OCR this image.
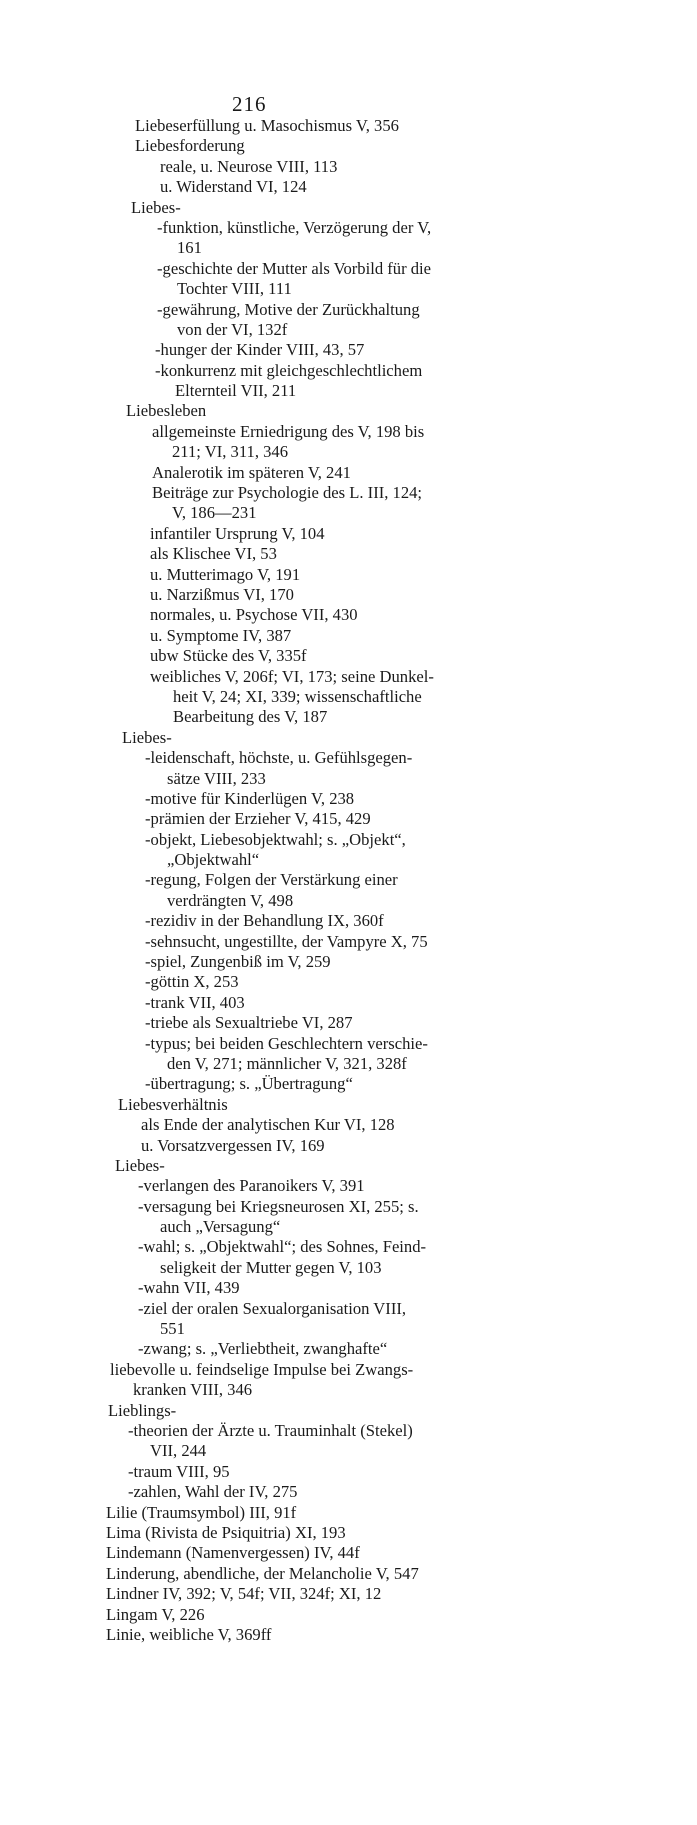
216
Liebeserfüllung u. Masochismus V, 356
Liebesforderung
reale, u. Neurose VIII, 113
u. Widerstand VI, 124
Liebes-
-funktion, künstliche, Verzögerung der V,
161
-geschichte der Mutter als Vorbild für die
Tochter VIII, 111
-gewährung, Motive der Zurückhaltung
von der VI, 132f
-hunger der Kinder VIII, 43, 57
-konkurrenz mit gleichgeschlechtlichem
Elternteil VII, 211
Liebesleben
allgemeinste Erniedrigung des V, 198 bis
211; VI, 311, 346
Analerotik im späteren V, 241
Beiträge zur Psychologie des L. III, 124;
V, 186—231
infantiler Ursprung V, 104
als Klischee VI, 53
u. Mutterimago V, 191
u. Narzißmus VI, 170
normales, u. Psychose VII, 430
u. Symptome IV, 387
ubw Stücke des V, 335f
weibliches V, 206f; VI, 173; seine Dunkel-
heit V, 24; XI, 339; wissenschaftliche
Bearbeitung des V, 187
Liebes-
-leidenschaft, höchste, u. Gefühlsgegen-
sätze VIII, 233
-motive für Kinderlügen V, 238
-prämien der Erzieher V, 415, 429
-objekt, Liebesobjektwahl; s. „Objekt“,
„Objektwahl“
-regung, Folgen der Verstärkung einer
verdrängten V, 498
-rezidiv in der Behandlung IX, 360f
-sehnsucht, ungestillte, der Vampyre X, 75
-spiel, Zungenbiß im V, 259
-göttin X, 253
-trank VII, 403
-triebe als Sexualtriebe VI, 287
-typus; bei beiden Geschlechtern verschie-
den V, 271; männlicher V, 321, 328f
-übertragung; s. „Übertragung“
Liebesverhältnis
als Ende der analytischen Kur VI, 128
u. Vorsatzvergessen IV, 169
Liebes-
-verlangen des Paranoikers V, 391
-versagung bei Kriegsneurosen XI, 255; s.
auch „Versagung“
-wahl; s. „Objektwahl“; des Sohnes, Feind-
seligkeit der Mutter gegen V, 103
-wahn VII, 439
-ziel der oralen Sexualorganisation VIII,
551
-zwang; s. „Verliebtheit, zwanghafte“
liebevolle u. feindselige Impulse bei Zwangs-
kranken VIII, 346
Lieblings-
-theorien der Ärzte u. Trauminhalt (Stekel)
VII, 244
-traum VIII, 95
-zahlen, Wahl der IV, 275
Lilie (Traumsymbol) III, 91f
Lima (Rivista de Psiquitria) XI, 193
Lindemann (Namenvergessen) IV, 44f
Linderung, abendliche, der Melancholie V, 547
Lindner IV, 392; V, 54f; VII, 324f; XI, 12
Lingam V, 226
Linie, weibliche V, 369ff
